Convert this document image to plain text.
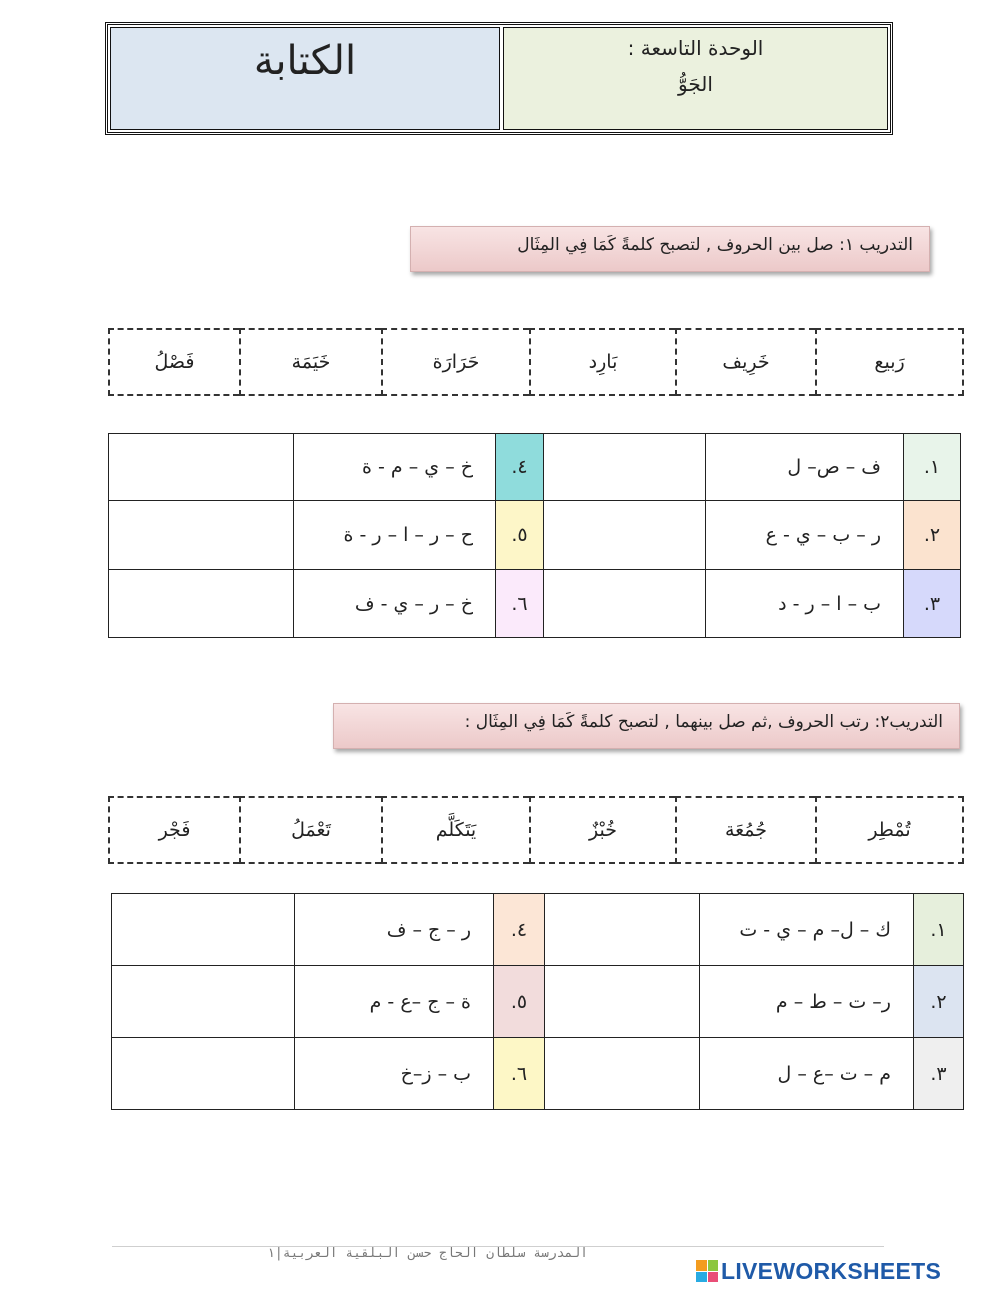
الكتابة	الوحدة التاسعة :
الجَوُّ
التدريب ١: صل بين الحروف , لتصبح كلمةً كَمَا فِي المِثَال
رَبيع	خَرِيف	بَارِد	حَرَارَة	خَيَمَة	فَصْلُ
١.	ف – ص– ل		٤.	خ – ي – م - ة	
٢.	ر – ب – ي - ع		٥.	ح – ر – ا – ر - ة	
٣.	ب – ا – ر - د		٦.	خ – ر – ي - ف	
التدريب٢: رتب الحروف ,ثم صل بينهما , لتصبح كلمةً كَمَا فِي المِثَال :
تُمْطِر	جُمُعَة	خُبْزٌ	يَتَكَلَّم	تَعْمَلُ	فَجْر
١.	ك – ل– م – ي - ت		٤.	ر – ج – ف	
٢.	ر– ت – ط – م		٥.	ة – ج –ع - م	
٣.	م – ت –ع – ل		٦.	ب – ز–خ	
المدرسة سلطان الحاج حسن البلقية العربية|١
LIVEWORKSHEETS
